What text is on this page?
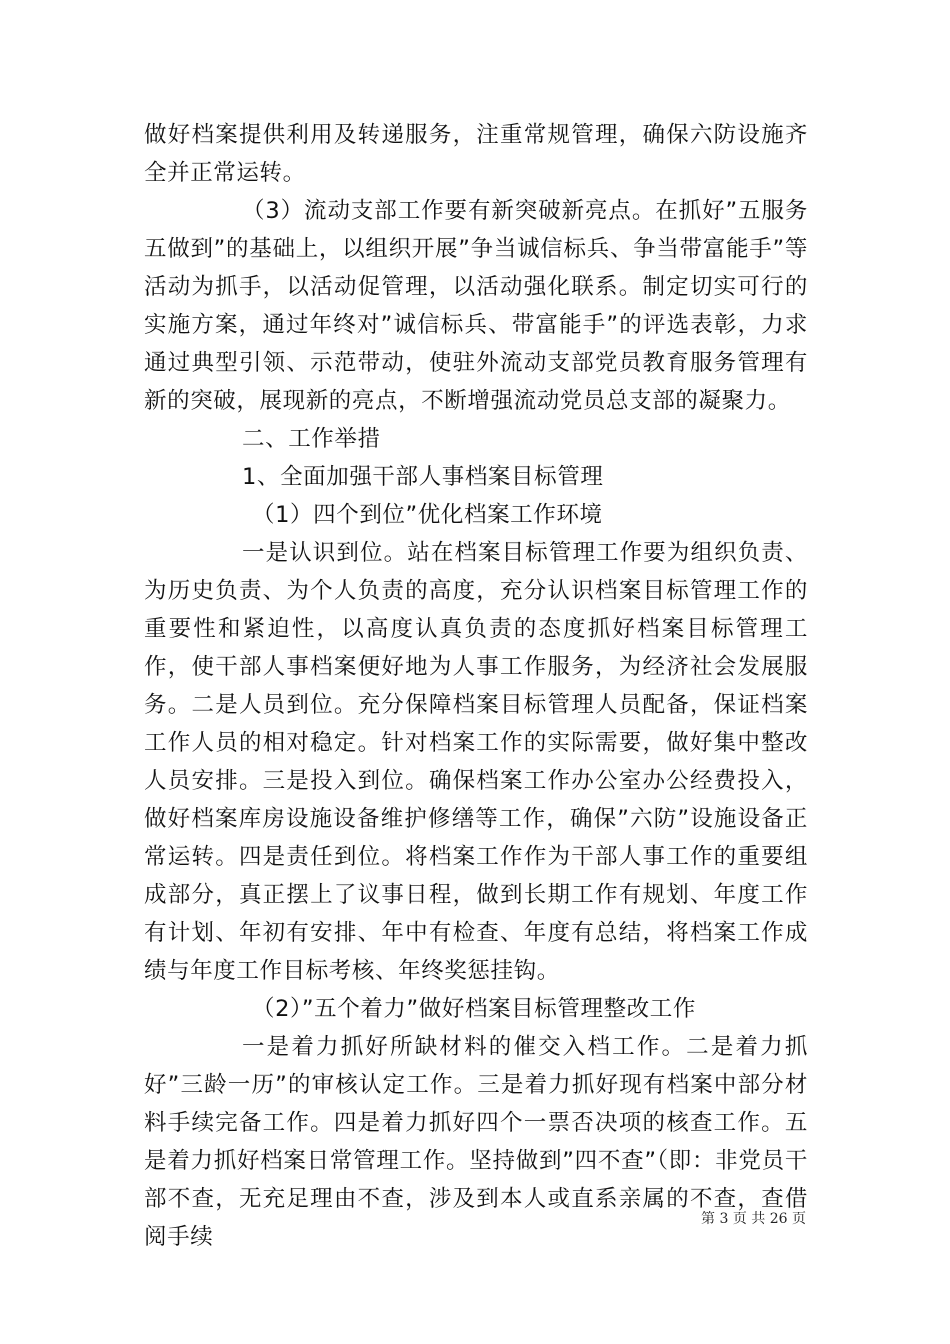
做好档案提供利用及转递服务，注重常规管理，确保六防设施齐全并正常运转。

（3）流动支部工作要有新突破新亮点。在抓好”五服务五做到”的基础上，以组织开展”争当诚信标兵、争当带富能手”等活动为抓手，以活动促管理，以活动强化联系。制定切实可行的实施方案，通过年终对”诚信标兵、带富能手”的评选表彰，力求通过典型引领、示范带动，使驻外流动支部党员教育服务管理有新的突破，展现新的亮点，不断增强流动党员总支部的凝聚力。

二、工作举措

1、全面加强干部人事档案目标管理

（1）四个到位”优化档案工作环境

一是认识到位。站在档案目标管理工作要为组织负责、为历史负责、为个人负责的高度，充分认识档案目标管理工作的重要性和紧迫性，以高度认真负责的态度抓好档案目标管理工作，使干部人事档案便好地为人事工作服务，为经济社会发展服务。二是人员到位。充分保障档案目标管理人员配备，保证档案工作人员的相对稳定。针对档案工作的实际需要，做好集中整改人员安排。三是投入到位。确保档案工作办公室办公经费投入，做好档案库房设施设备维护修缮等工作，确保”六防”设施设备正常运转。四是责任到位。将档案工作作为干部人事工作的重要组成部分，真正摆上了议事日程，做到长期工作有规划、年度工作有计划、年初有安排、年中有检查、年度有总结，将档案工作成绩与年度工作目标考核、年终奖惩挂钩。

（2）”五个着力”做好档案目标管理整改工作

一是着力抓好所缺材料的催交入档工作。二是着力抓好”三龄一历”的审核认定工作。三是着力抓好现有档案中部分材料手续完备工作。四是着力抓好四个一票否决项的核查工作。五是着力抓好档案日常管理工作。坚持做到”四不查”（即：非党员干部不查，无充足理由不查，涉及到本人或直系亲属的不查，查借阅手续

第 3 页 共 26 页
